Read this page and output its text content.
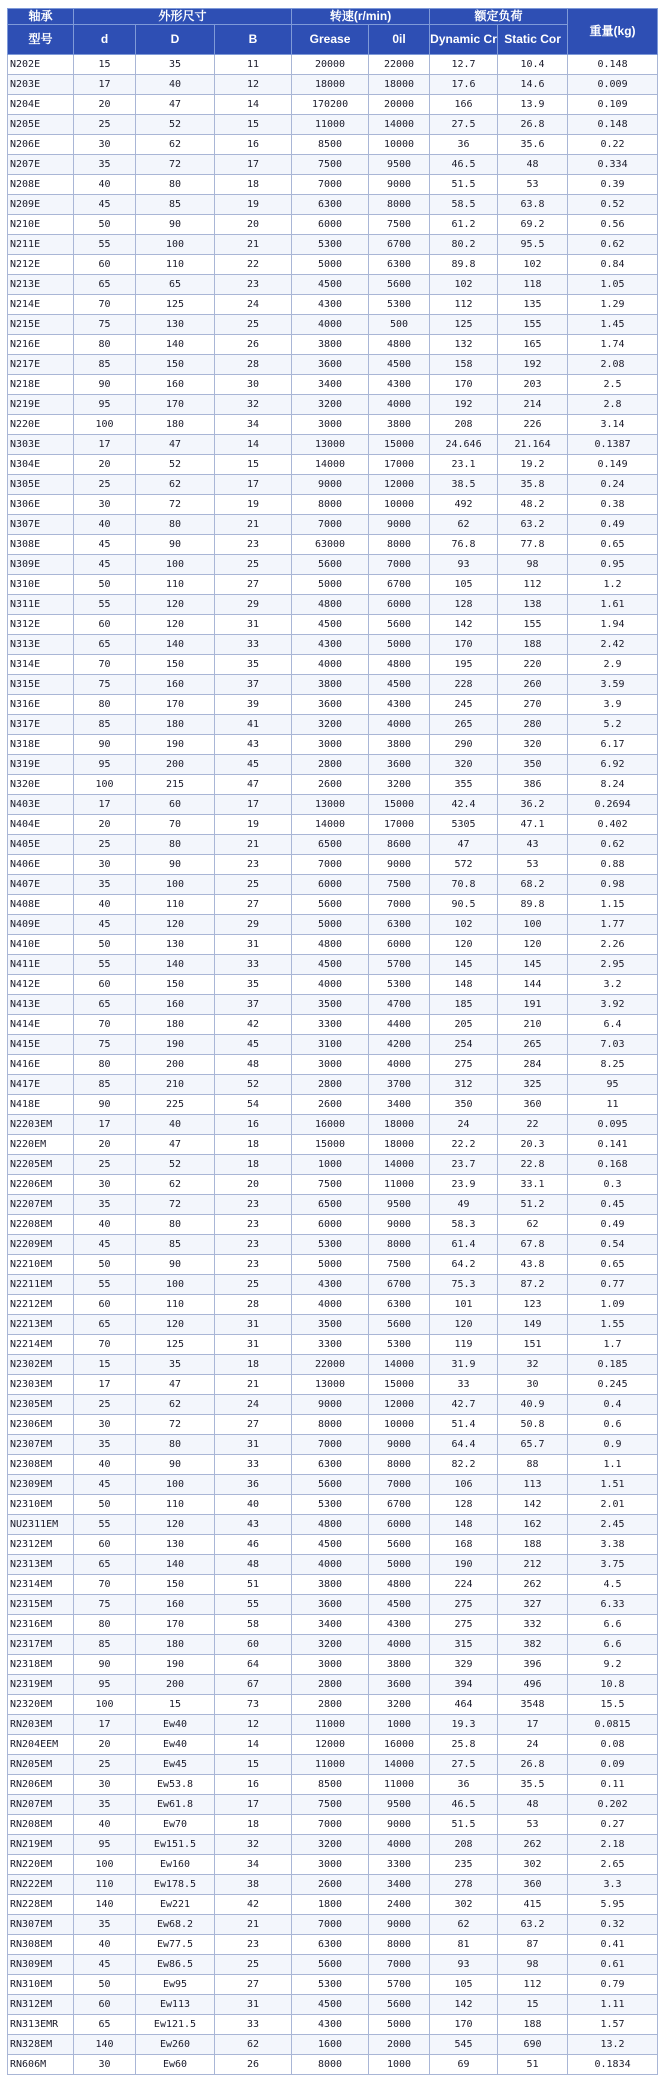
轴承	外形尺寸			转速(r/min)		额定负荷		重量(kg)
型号	d	D	B	Grease	0il	Dynamic Cr	Static Cor	
N202E	15	35	11	20000	22000	12.7	10.4	0.148
N203E	17	40	12	18000	18000	17.6	14.6	0.009
N204E	20	47	14	170200	20000	166	13.9	0.109
N205E	25	52	15	11000	14000	27.5	26.8	0.148
N206E	30	62	16	8500	10000	36	35.6	0.22
N207E	35	72	17	7500	9500	46.5	48	0.334
N208E	40	80	18	7000	9000	51.5	53	0.39
N209E	45	85	19	6300	8000	58.5	63.8	0.52
N210E	50	90	20	6000	7500	61.2	69.2	0.56
N211E	55	100	21	5300	6700	80.2	95.5	0.62
N212E	60	110	22	5000	6300	89.8	102	0.84
N213E	65	65	23	4500	5600	102	118	1.05
N214E	70	125	24	4300	5300	112	135	1.29
N215E	75	130	25	4000	500	125	155	1.45
N216E	80	140	26	3800	4800	132	165	1.74
N217E	85	150	28	3600	4500	158	192	2.08
N218E	90	160	30	3400	4300	170	203	2.5
N219E	95	170	32	3200	4000	192	214	2.8
N220E	100	180	34	3000	3800	208	226	3.14
N303E	17	47	14	13000	15000	24.646	21.164	0.1387
N304E	20	52	15	14000	17000	23.1	19.2	0.149
N305E	25	62	17	9000	12000	38.5	35.8	0.24
N306E	30	72	19	8000	10000	492	48.2	0.38
N307E	40	80	21	7000	9000	62	63.2	0.49
N308E	45	90	23	63000	8000	76.8	77.8	0.65
N309E	45	100	25	5600	7000	93	98	0.95
N310E	50	110	27	5000	6700	105	112	1.2
N311E	55	120	29	4800	6000	128	138	1.61
N312E	60	120	31	4500	5600	142	155	1.94
N313E	65	140	33	4300	5000	170	188	2.42
N314E	70	150	35	4000	4800	195	220	2.9
N315E	75	160	37	3800	4500	228	260	3.59
N316E	80	170	39	3600	4300	245	270	3.9
N317E	85	180	41	3200	4000	265	280	5.2
N318E	90	190	43	3000	3800	290	320	6.17
N319E	95	200	45	2800	3600	320	350	6.92
N320E	100	215	47	2600	3200	355	386	8.24
N403E	17	60	17	13000	15000	42.4	36.2	0.2694
N404E	20	70	19	14000	17000	5305	47.1	0.402
N405E	25	80	21	6500	8600	47	43	0.62
N406E	30	90	23	7000	9000	572	53	0.88
N407E	35	100	25	6000	7500	70.8	68.2	0.98
N408E	40	110	27	5600	7000	90.5	89.8	1.15
N409E	45	120	29	5000	6300	102	100	1.77
N410E	50	130	31	4800	6000	120	120	2.26
N411E	55	140	33	4500	5700	145	145	2.95
N412E	60	150	35	4000	5300	148	144	3.2
N413E	65	160	37	3500	4700	185	191	3.92
N414E	70	180	42	3300	4400	205	210	6.4
N415E	75	190	45	3100	4200	254	265	7.03
N416E	80	200	48	3000	4000	275	284	8.25
N417E	85	210	52	2800	3700	312	325	95
N418E	90	225	54	2600	3400	350	360	11
N2203EM	17	40	16	16000	18000	24	22	0.095
N220EM	20	47	18	15000	18000	22.2	20.3	0.141
N2205EM	25	52	18	1000	14000	23.7	22.8	0.168
N2206EM	30	62	20	7500	11000	23.9	33.1	0.3
N2207EM	35	72	23	6500	9500	49	51.2	0.45
N2208EM	40	80	23	6000	9000	58.3	62	0.49
N2209EM	45	85	23	5300	8000	61.4	67.8	0.54
N2210EM	50	90	23	5000	7500	64.2	43.8	0.65
N2211EM	55	100	25	4300	6700	75.3	87.2	0.77
N2212EM	60	110	28	4000	6300	101	123	1.09
N2213EM	65	120	31	3500	5600	120	149	1.55
N2214EM	70	125	31	3300	5300	119	151	1.7
N2302EM	15	35	18	22000	14000	31.9	32	0.185
N2303EM	17	47	21	13000	15000	33	30	0.245
N2305EM	25	62	24	9000	12000	42.7	40.9	0.4
N2306EM	30	72	27	8000	10000	51.4	50.8	0.6
N2307EM	35	80	31	7000	9000	64.4	65.7	0.9
N2308EM	40	90	33	6300	8000	82.2	88	1.1
N2309EM	45	100	36	5600	7000	106	113	1.51
N2310EM	50	110	40	5300	6700	128	142	2.01
NU2311EM	55	120	43	4800	6000	148	162	2.45
N2312EM	60	130	46	4500	5600	168	188	3.38
N2313EM	65	140	48	4000	5000	190	212	3.75
N2314EM	70	150	51	3800	4800	224	262	4.5
N2315EM	75	160	55	3600	4500	275	327	6.33
N2316EM	80	170	58	3400	4300	275	332	6.6
N2317EM	85	180	60	3200	4000	315	382	6.6
N2318EM	90	190	64	3000	3800	329	396	9.2
N2319EM	95	200	67	2800	3600	394	496	10.8
N2320EM	100	15	73	2800	3200	464	3548	15.5
RN203EM	17	Ew40	12	11000	1000	19.3	17	0.0815
RN204EEM	20	Ew40	14	12000	16000	25.8	24	0.08
RN205EM	25	Ew45	15	11000	14000	27.5	26.8	0.09
RN206EM	30	Ew53.8	16	8500	11000	36	35.5	0.11
RN207EM	35	Ew61.8	17	7500	9500	46.5	48	0.202
RN208EM	40	Ew70	18	7000	9000	51.5	53	0.27
RN219EM	95	Ew151.5	32	3200	4000	208	262	2.18
RN220EM	100	Ew160	34	3000	3300	235	302	2.65
RN222EM	110	Ew178.5	38	2600	3400	278	360	3.3
RN228EM	140	Ew221	42	1800	2400	302	415	5.95
RN307EM	35	Ew68.2	21	7000	9000	62	63.2	0.32
RN308EM	40	Ew77.5	23	6300	8000	81	87	0.41
RN309EM	45	Ew86.5	25	5600	7000	93	98	0.61
RN310EM	50	Ew95	27	5300	5700	105	112	0.79
RN312EM	60	Ew113	31	4500	5600	142	15	1.11
RN313EMR	65	Ew121.5	33	4300	5000	170	188	1.57
RN328EM	140	Ew260	62	1600	2000	545	690	13.2
RN606M	30	Ew60	26	8000	1000	69	51	0.1834
